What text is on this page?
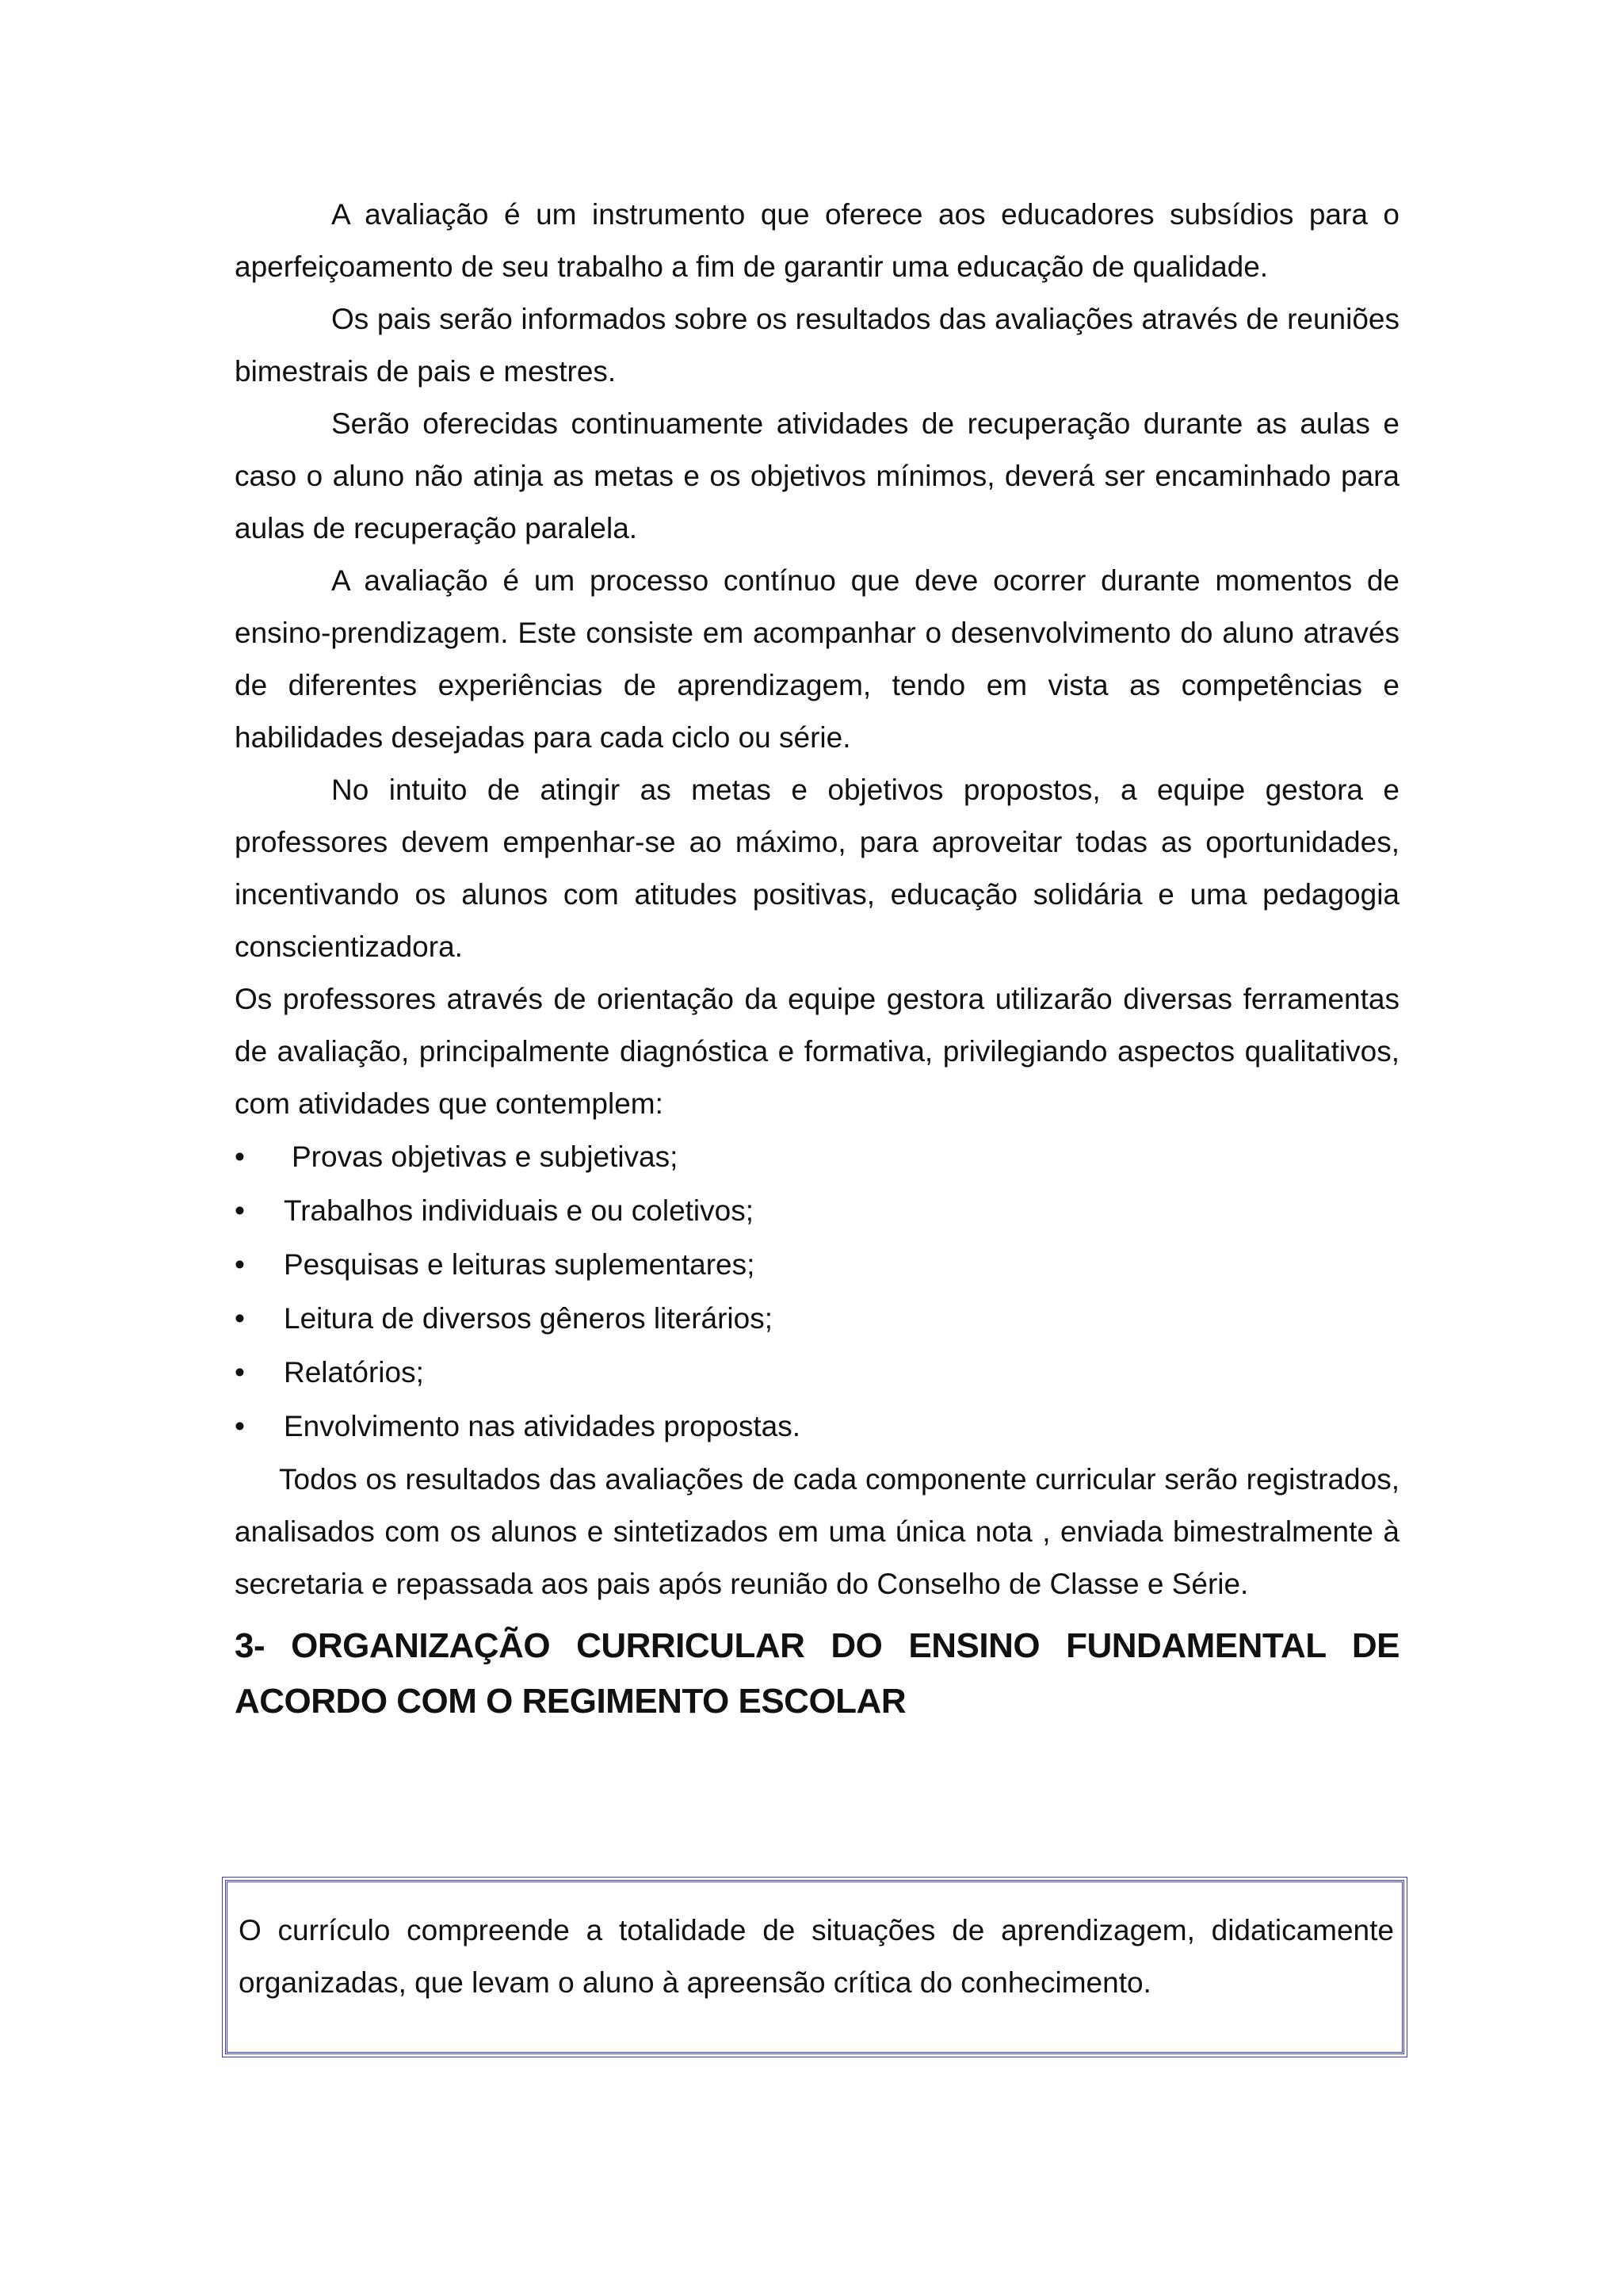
A avaliação é um instrumento que oferece aos educadores subsídios para o aperfeiçoamento de seu trabalho a fim de garantir uma educação de qualidade.

Os pais serão informados sobre os resultados das avaliações através de reuniões bimestrais de pais e mestres.

Serão oferecidas continuamente atividades de recuperação durante as aulas e caso o aluno não atinja as metas e os objetivos mínimos, deverá ser encaminhado para aulas de recuperação paralela.

A avaliação é um processo contínuo que deve ocorrer durante momentos de ensino-prendizagem. Este consiste em acompanhar o desenvolvimento do aluno através de diferentes experiências de aprendizagem, tendo em vista as competências e habilidades desejadas para cada ciclo ou série.

No intuito de atingir as metas e objetivos propostos, a equipe gestora e professores devem empenhar-se ao máximo, para aproveitar todas as oportunidades, incentivando os alunos com atitudes positivas, educação solidária e uma pedagogia conscientizadora.

Os professores através de orientação da equipe gestora utilizarão diversas ferramentas de avaliação, principalmente diagnóstica e formativa, privilegiando aspectos qualitativos, com atividades que contemplem:

• Provas objetivas e subjetivas;
• Trabalhos individuais e ou coletivos;
• Pesquisas e leituras suplementares;
• Leitura de diversos gêneros literários;
• Relatórios;
• Envolvimento nas atividades propostas.

Todos os resultados das avaliações de cada componente curricular serão registrados, analisados com os alunos e sintetizados em uma única nota , enviada bimestralmente à secretaria e repassada aos pais após reunião do Conselho de Classe e Série.

3- ORGANIZAÇÃO CURRICULAR DO ENSINO FUNDAMENTAL DE ACORDO COM O REGIMENTO ESCOLAR

O currículo compreende a totalidade de situações de aprendizagem, didaticamente organizadas, que levam o aluno à apreensão crítica do conhecimento.
